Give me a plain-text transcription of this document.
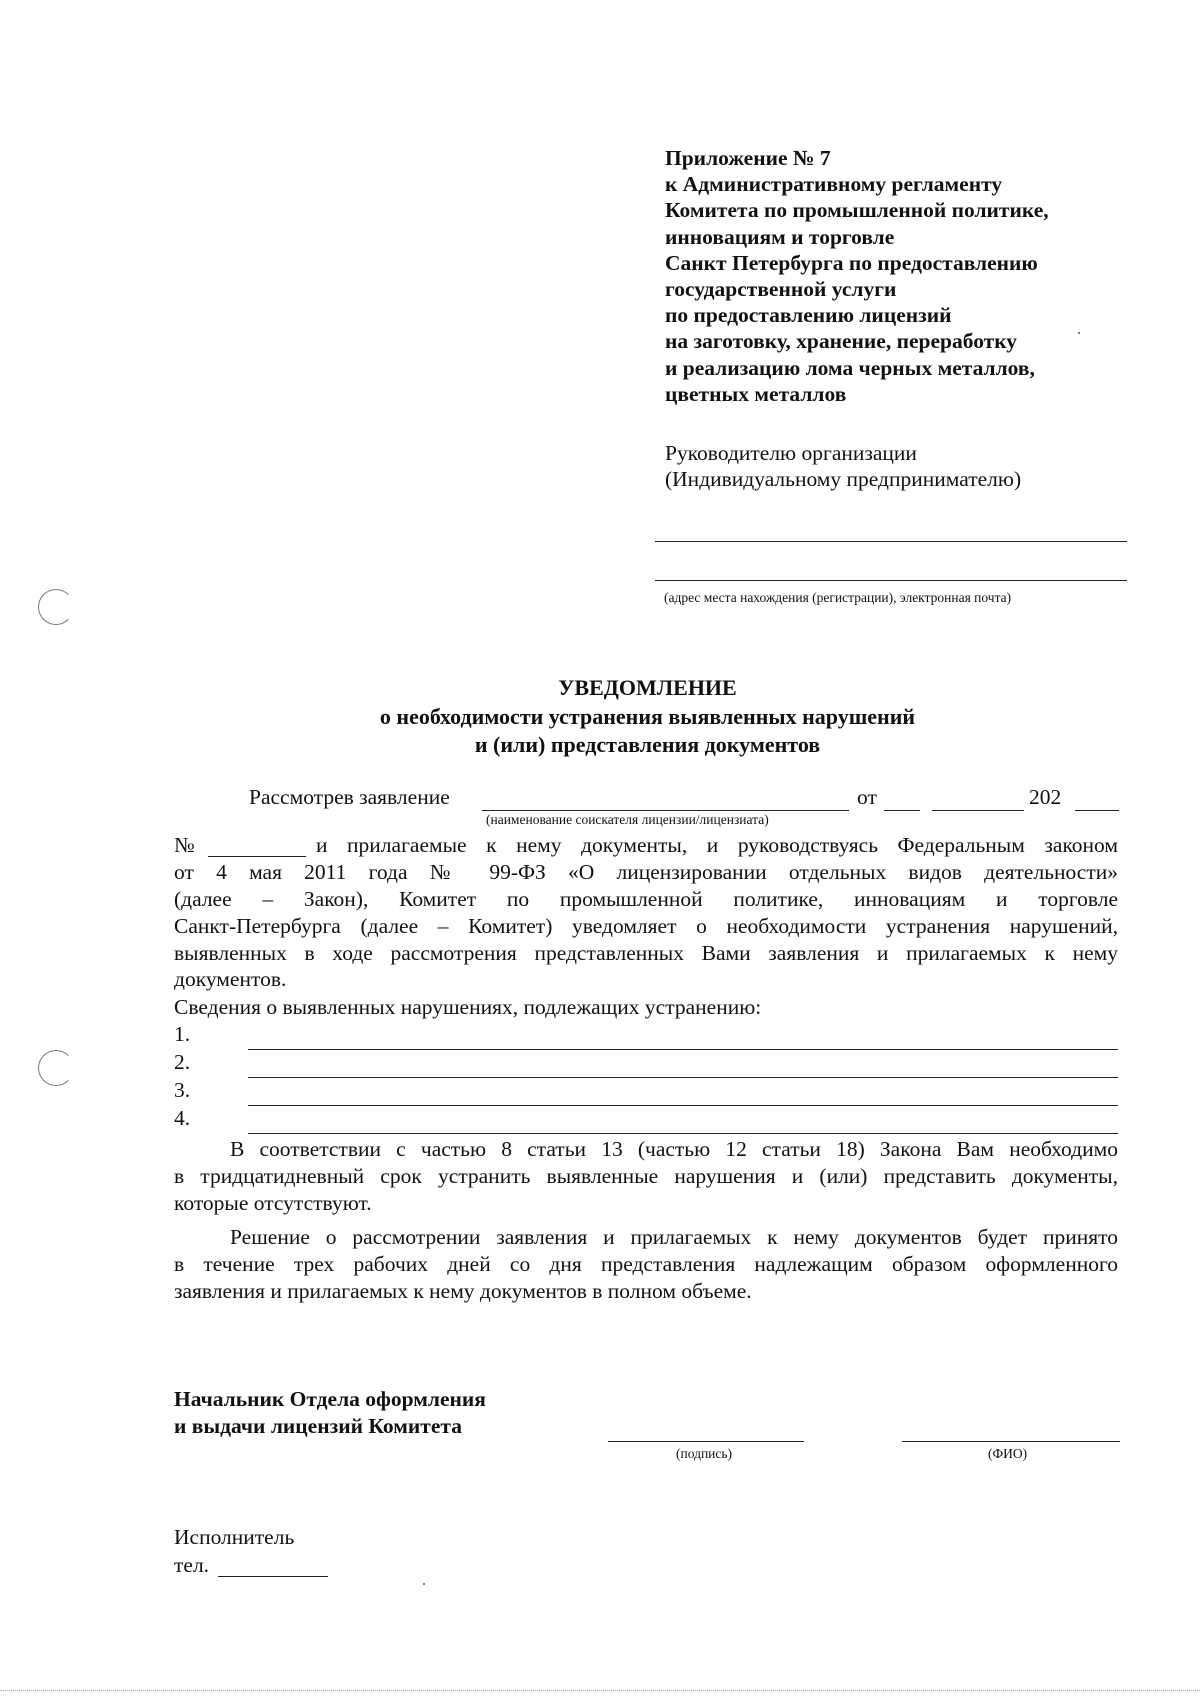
Приложение № 7
к Административному регламенту
Комитета по промышленной политике,
инновациям и торговле
Санкт Петербурга по предоставлению
государственной услуги
по предоставлению лицензий
на заготовку, хранение, переработку
и реализацию лома черных металлов,
цветных металлов
Руководителю организации
(Индивидуальному предпринимателю)
(адрес места нахождения (регистрации), электронная почта)
УВЕДОМЛЕНИЕ
о необходимости устранения выявленных нарушений
и (или) представления документов
Рассмотрев заявление	от	202
(наименование соискателя лицензии/лицензиата)
№	и прилагаемые к нему документы, и руководствуясь Федеральным законом
от 4 мая 2011 года № 99-ФЗ «О лицензировании отдельных видов деятельности»
(далее – Закон), Комитет по промышленной политике, инновациям и торговле
Санкт-Петербурга (далее – Комитет) уведомляет о необходимости устранения нарушений,
выявленных в ходе рассмотрения представленных Вами заявления и прилагаемых к нему
документов.
Сведения о выявленных нарушениях, подлежащих устранению:
1.
2.
3.
4.
В соответствии с частью 8 статьи 13 (частью 12 статьи 18) Закона Вам необходимо
в тридцатидневный срок устранить выявленные нарушения и (или) представить документы,
которые отсутствуют.
Решение о рассмотрении заявления и прилагаемых к нему документов будет принято
в течение трех рабочих дней со дня представления надлежащим образом оформленного
заявления и прилагаемых к нему документов в полном объеме.
Начальник Отдела оформления
и выдачи лицензий Комитета
(подпись)	(ФИО)
Исполнитель
тел.
